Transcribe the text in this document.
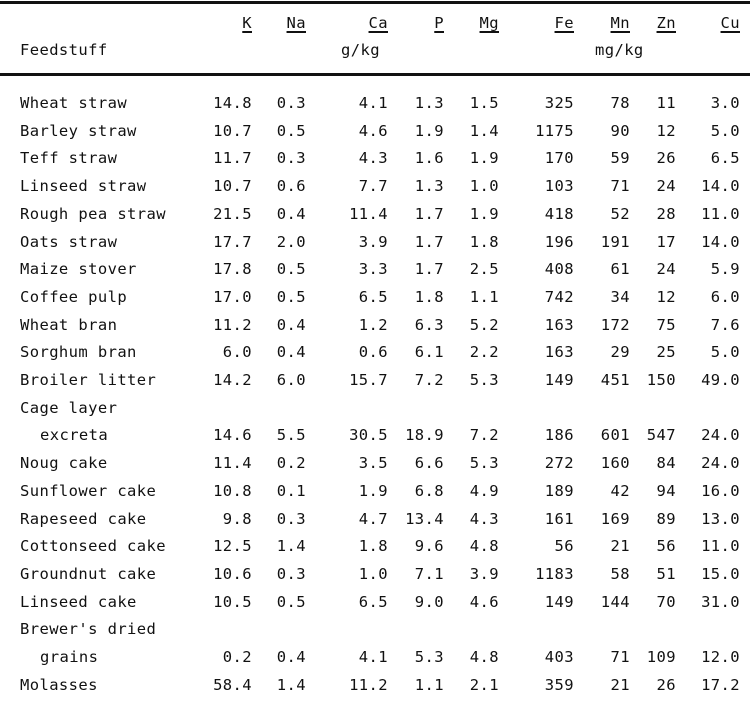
Feedstuff
K Na	Ca	P Mg	Fe Mn Zn	Cu
g/kg	mg/kg
Wheat straw	14.8 0.3	4.1 1.3 1.5	325 78 11 3.0
Barley straw	10.7 0.5	4.6 1.9 1.4 1175 90 12 5.0
Teff straw	11.7 0.3	4.3 1.6 1.9	170 59 26 6.5
Linseed straw	10.7 0.6	7.7 1.3 1.0	103 71 24 14.0
Rough pea straw	21.5 0.4	11.4 1.7 1.9	418 52 28 11.0
Oats straw	17.7 2.0	3.9 1.7 1.8	196 191 17 14.0
Maize stover	17.8 0.5	3.3 1.7 2.5	408 61 24 5.9
Coffee pulp	17.0 0.5	6.5 1.8 1.1	742 34 12 6.0
Wheat bran	11.2 0.4	1.2 6.3 5.2	163 172 75 7.6
Sorghum bran	6.0 0.4	0.6 6.1 2.2	163 29 25 5.0
Broiler litter	14.2 6.0	15.7 7.2 5.3	149 451 150 49.0
Cage layer
excreta	14.6 5.5	30.5 18.9 7.2	186 601 547 24.0
Noug cake	11.4 0.2	3.5 6.6 5.3	272 160 84 24.0
Sunflower cake	10.8 0.1	1.9 6.8 4.9	189 42 94 16.0
Rapeseed cake	9.8 0.3	4.7 13.4 4.3	161 169 89 13.0
Cottonseed cake	12.5 1.4	1.8 9.6 4.8	56 21 56 11.0
Groundnut cake	10.6 0.3	1.0 7.1 3.9 1183 58 51 15.0
Linseed cake	10.5 0.5	6.5 9.0 4.6	149 144 70 31.0
Brewer's dried
grains	0.2 0.4	4.1 5.3 4.8	403 71 109 12.0
Molasses	58.4 1.4	11.2 1.1 2.1	359 21 26 17.2
